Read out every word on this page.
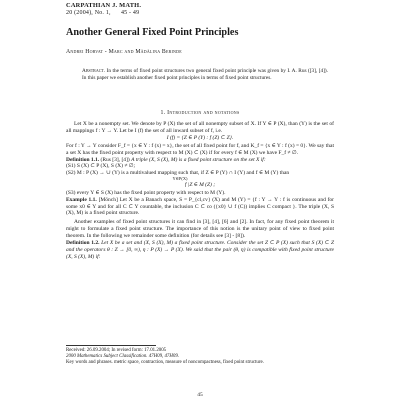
CARPATHIAN J. MATH.
20 (2004), No. 1, 45 - 49
Another General Fixed Point Principles
Andrei Horvat - Marc and Mădălina Berinde
Abstract. In the terms of fixed point structures two general fixed point principle was given by I. A. Rus ([3], [4]). In this paper we establish another fixed point principles in terms of fixed point structures.
1. Introduction and notations

Let X be a nonempty set. We denote by P (X) the set of all nonempty subset of X. If Y ∈ P (X), than (Y) is the set of all mappings f : Y → Y. Let be I (f) the set of all inward subset of f, i.e.

I (f) = {Z ∈ P (Y) : f (Z) ⊂ Z}.

For f : Y → Y consider F_f = {x ∈ Y : f (x) = x}, the set of all fixed point for f, and K_f = {x ∈ Y : f (x) = 0}. We say that a set X has the fixed point property with respect to M (X) ⊂ (X) if for every f ∈ M (X) we have F_f ≠ ∅.

Definition 1.1. (Rus [3], [4]) A triple (X, S (X), M) is a fixed point structure on the set X if:

(S1) S (X) ⊂ P (X), S (X) ≠ ∅;

(S2) M : P (X) → ∪ (Y) is a multivalued mapping such that, if Z ∈ P (Y) ∩ I (Y) and f ∈ M (Y) than

Y∈P(X)

f |Z ∈ M (Z) ;

(S3) every Y ∈ S (X) has the fixed point property with respect to M (Y).

Example 1.1. [Mönch] Let X be a Banach space, S = P_{cl,cv} (X) and M (Y) = {f : Y → Y : f is continuous and for some x0 ∈ Y and for all C ⊂ Y countable, the inclusion C ⊂ co ({x0} ∪ f (C)) implies C compact }. The triple (X, S (X), M) is a fixed point structure.

Another examples of fixed point structures it can find in [3], [4], [6] and [2]. In fact, for any fixed point theorem it might to formulate a fixed point structure. The importance of this notion is the unitary point of view to fixed point theorem. In the following we remainder some definition (for details see [3] - [8]).

Definition 1.2. Let X be a set and (X, S (X), M) a fixed point structure. Consider the set Z ⊂ P (X) such that S (X) ⊂ Z and the operators θ : Z → [0, ∞), η : P (X) → P (X). We said that the pair (θ, η) is compatible with fixed point structure (X, S (X), M) if:

Received: 26.09.2004; In revised form: 17.01.2005
2000 Mathematics Subject Classification. 47H09, 47H09.
Key words and phrases. metric space, contraction, measure of noncompactness, fixed point structure.
45
